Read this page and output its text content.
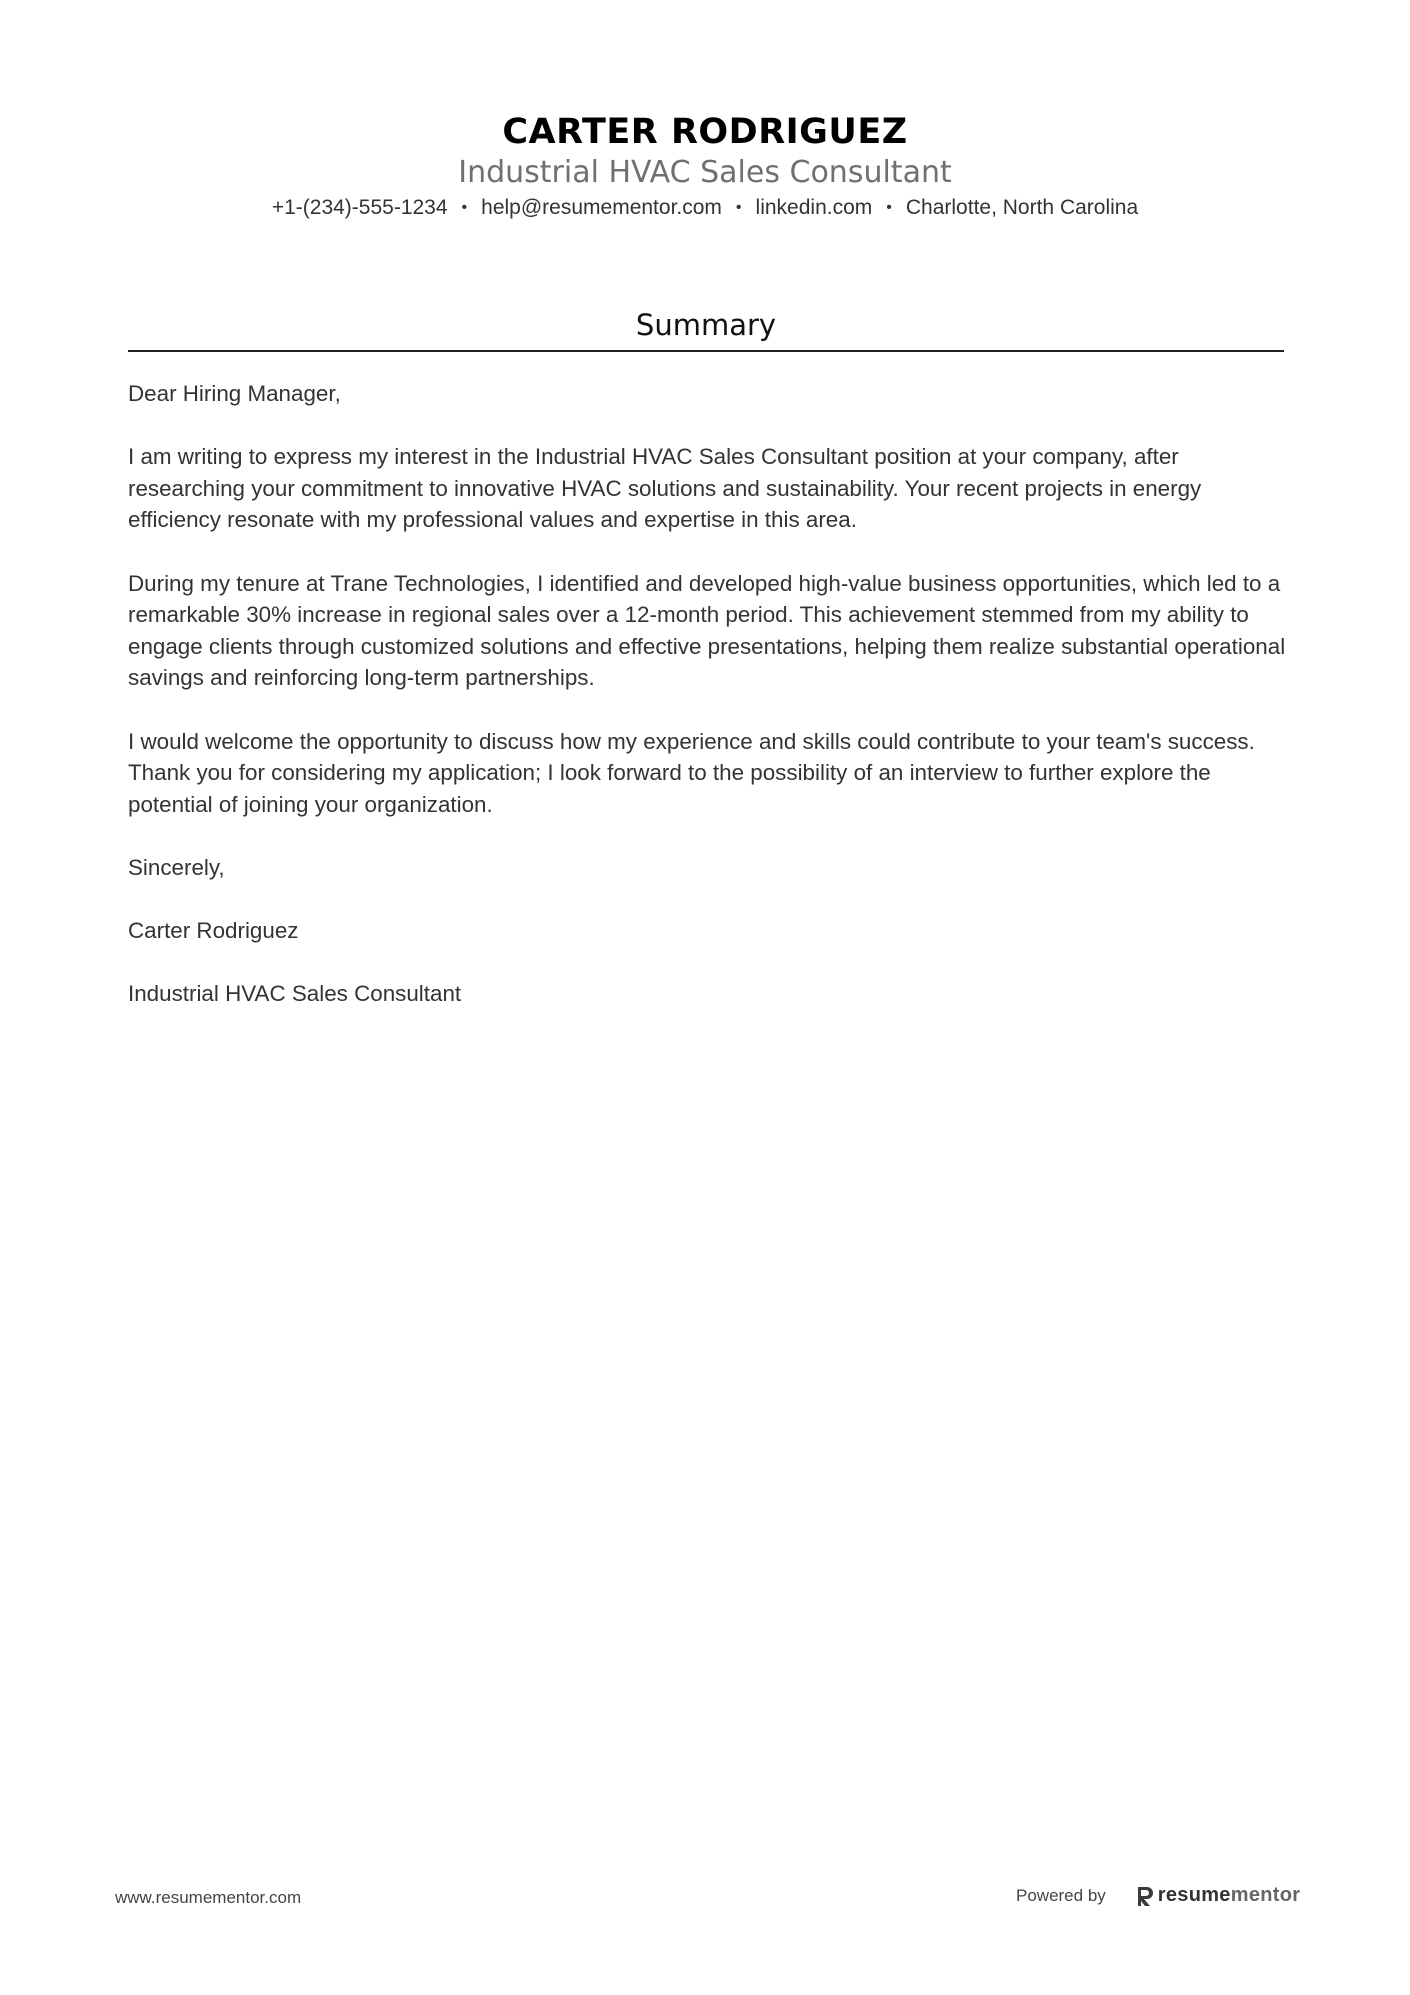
CARTER RODRIGUEZ
Industrial HVAC Sales Consultant
+1-(234)-555-1234 • help@resumementor.com • linkedin.com • Charlotte, North Carolina
Summary

Dear Hiring Manager,

I am writing to express my interest in the Industrial HVAC Sales Consultant position at your company, after researching your commitment to innovative HVAC solutions and sustainability. Your recent projects in energy efficiency resonate with my professional values and expertise in this area.

During my tenure at Trane Technologies, I identified and developed high-value business opportunities, which led to a remarkable 30% increase in regional sales over a 12-month period. This achievement stemmed from my ability to engage clients through customized solutions and effective presentations, helping them realize substantial operational savings and reinforcing long-term partnerships.

I would welcome the opportunity to discuss how my experience and skills could contribute to your team's success. Thank you for considering my application; I look forward to the possibility of an interview to further explore the potential of joining your organization.

Sincerely,

Carter Rodriguez

Industrial HVAC Sales Consultant

www.resumementor.com	Powered by	resume mentor
